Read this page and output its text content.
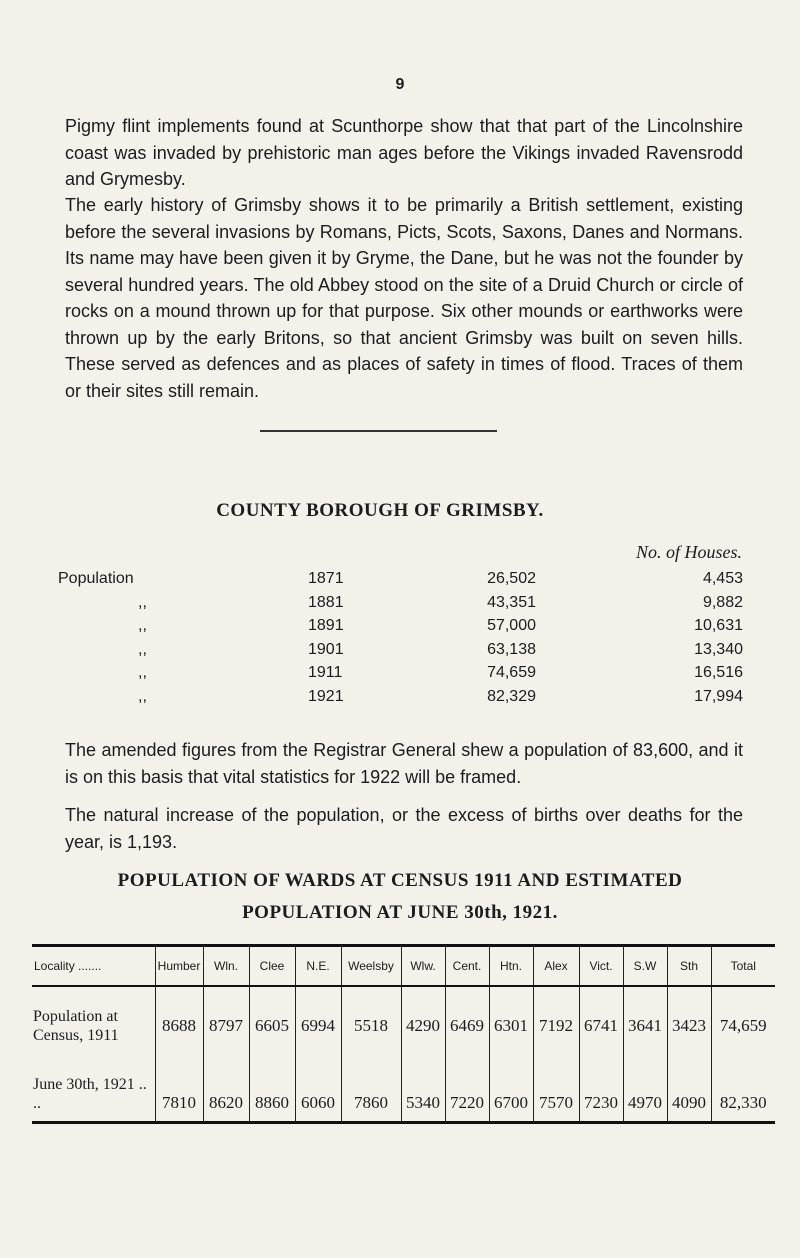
9

Pigmy flint implements found at Scunthorpe show that that part of the Lincolnshire coast was invaded by prehistoric man ages before the Vikings invaded Ravensrodd and Grymesby.

The early history of Grimsby shows it to be primarily a British settlement, existing before the several invasions by Romans, Picts, Scots, Saxons, Danes and Normans. Its name may have been given it by Gryme, the Dane, but he was not the founder by several hundred years. The old Abbey stood on the site of a Druid Church or circle of rocks on a mound thrown up for that purpose. Six other mounds or earthworks were thrown up by the early Britons, so that ancient Grimsby was built on seven hills. These served as defences and as places of safety in times of flood. Traces of them or their sites still remain.

COUNTY BOROUGH OF GRIMSBY.
No. of Houses.
Population	1871	26,502	4,453
,,	1881	43,351	9,882
,,	1891	57,000	10,631
,,	1901	63,138	13,340
,,	1911	74,659	16,516
,,	1921	82,329	17,994

The amended figures from the Registrar General shew a population of 83,600, and it is on this basis that vital statistics for 1922 will be framed.

The natural increase of the population, or the excess of births over deaths for the year, is 1,193.

POPULATION OF WARDS AT CENSUS 1911 AND ESTIMATED
POPULATION AT JUNE 30th, 1921.
Locality .......	Humber	Wln.	Clee	N.E.	Weelsby	Wlw.	Cent.	Htn.	Alex	Vict.	S.W	Sth	Total
Population at Census, 1911	8688	8797	6605	6994	5518	4290	6469	6301	7192	6741	3641	3423	74,659
June 30th, 1921 .. ..	7810	8620	8860	6060	7860	5340	7220	6700	7570	7230	4970	4090	82,330
